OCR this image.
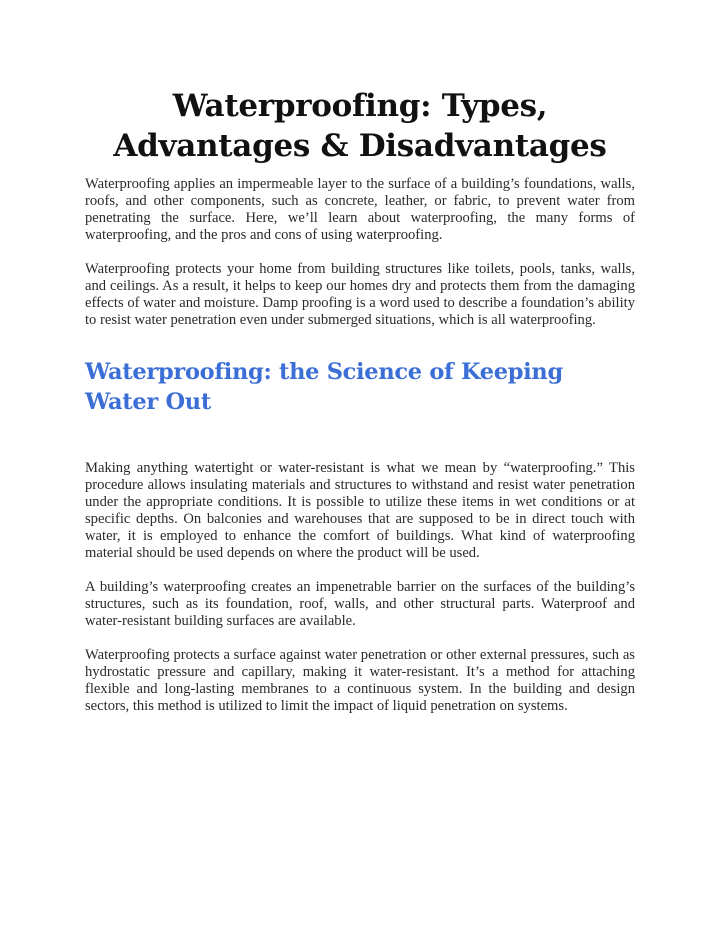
Waterproofing: Types, Advantages & Disadvantages

Waterproofing applies an impermeable layer to the surface of a building’s foundations, walls, roofs, and other components, such as concrete, leather, or fabric, to prevent water from penetrating the surface. Here, we’ll learn about waterproofing, the many forms of waterproofing, and the pros and cons of using waterproofing.

Waterproofing protects your home from building structures like toilets, pools, tanks, walls, and ceilings. As a result, it helps to keep our homes dry and protects them from the damaging effects of water and moisture. Damp proofing is a word used to describe a foundation’s ability to resist water penetration even under submerged situations, which is all waterproofing.

Waterproofing: the Science of Keeping Water Out

Making anything watertight or water-resistant is what we mean by “waterproofing.” This procedure allows insulating materials and structures to withstand and resist water penetration under the appropriate conditions. It is possible to utilize these items in wet conditions or at specific depths. On balconies and warehouses that are supposed to be in direct touch with water, it is employed to enhance the comfort of buildings. What kind of waterproofing material should be used depends on where the product will be used.

A building’s waterproofing creates an impenetrable barrier on the surfaces of the building’s structures, such as its foundation, roof, walls, and other structural parts. Waterproof and water-resistant building surfaces are available.

Waterproofing protects a surface against water penetration or other external pressures, such as hydrostatic pressure and capillary, making it water-resistant. It’s a method for attaching flexible and long-lasting membranes to a continuous system. In the building and design sectors, this method is utilized to limit the impact of liquid penetration on systems.
